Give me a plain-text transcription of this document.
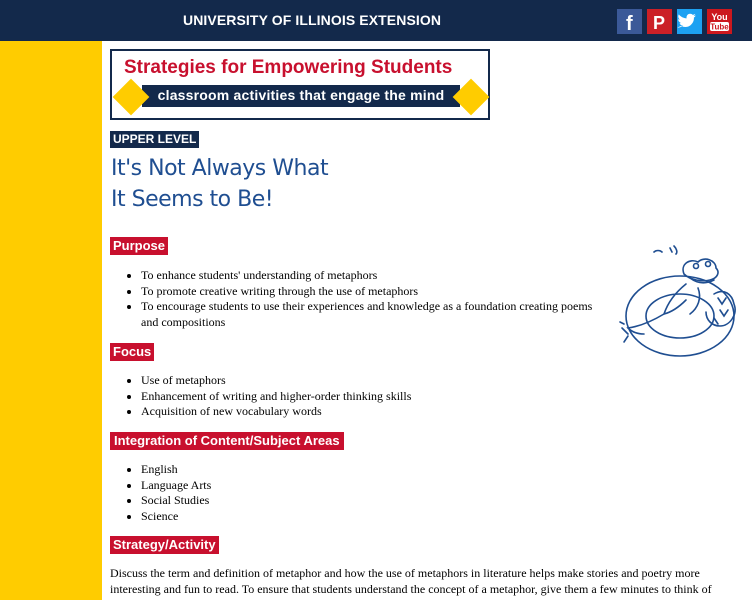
UNIVERSITY OF ILLINOIS EXTENSION	f P	You
Tube
Strategies for Empowering Students
classroom activities that engage the mind
UPPER LEVEL
It's Not Always What
It Seems to Be!
Purpose
• To enhance students' understanding of metaphors
• To promote creative writing through the use of metaphors
• To encourage students to use their experiences and knowledge as a foundation creating poems
and compositions
Focus
• Use of metaphors
• Enhancement of writing and higher-order thinking skills
• Acquisition of new vocabulary words
Integration of Content/Subject Areas
• English
• Language Arts
• Social Studies
• Science
Strategy/Activity

Discuss the term and definition of metaphor and how the use of metaphors in literature helps make stories and poetry more interesting and fun to read. To ensure that students understand the concept of a metaphor, give them a few minutes to think of
